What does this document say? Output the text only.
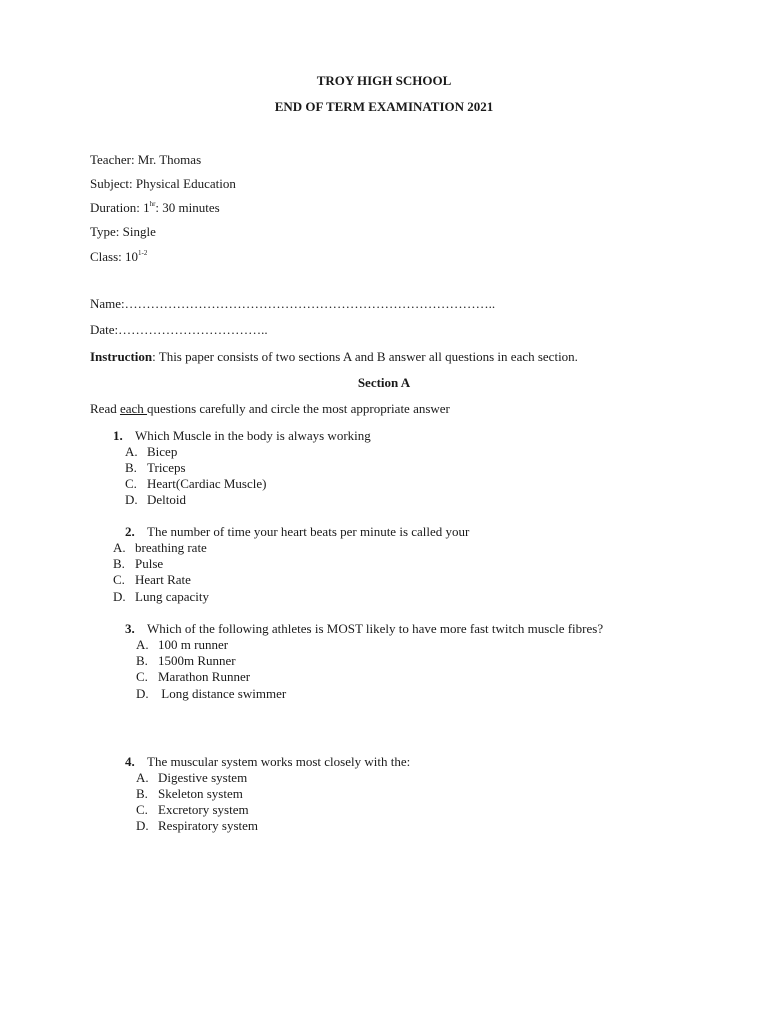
TROY HIGH SCHOOL
END OF TERM EXAMINATION 2021
Teacher: Mr. Thomas
Subject: Physical Education
Duration: $1^{hr}$: 30 minutes
Type: Single
Class: 10$^{1-2}$
Name:…………………………………………………………………………..
Date:……………………………..
Instruction: This paper consists of two sections A and B answer all questions in each section.
Section A
Read each questions carefully and circle the most appropriate answer
1. Which Muscle in the body is always working
A. Bicep
B. Triceps
C. Heart(Cardiac Muscle)
D. Deltoid
2. The number of time your heart beats per minute is called your
A. breathing rate
B. Pulse
C. Heart Rate
D. Lung capacity
3. Which of the following athletes is MOST likely to have more fast twitch muscle fibres?
A. 100 m runner
B. 1500m Runner
C. Marathon Runner
D. Long distance swimmer
4. The muscular system works most closely with the:
A. Digestive system
B. Skeleton system
C. Excretory system
D. Respiratory system
